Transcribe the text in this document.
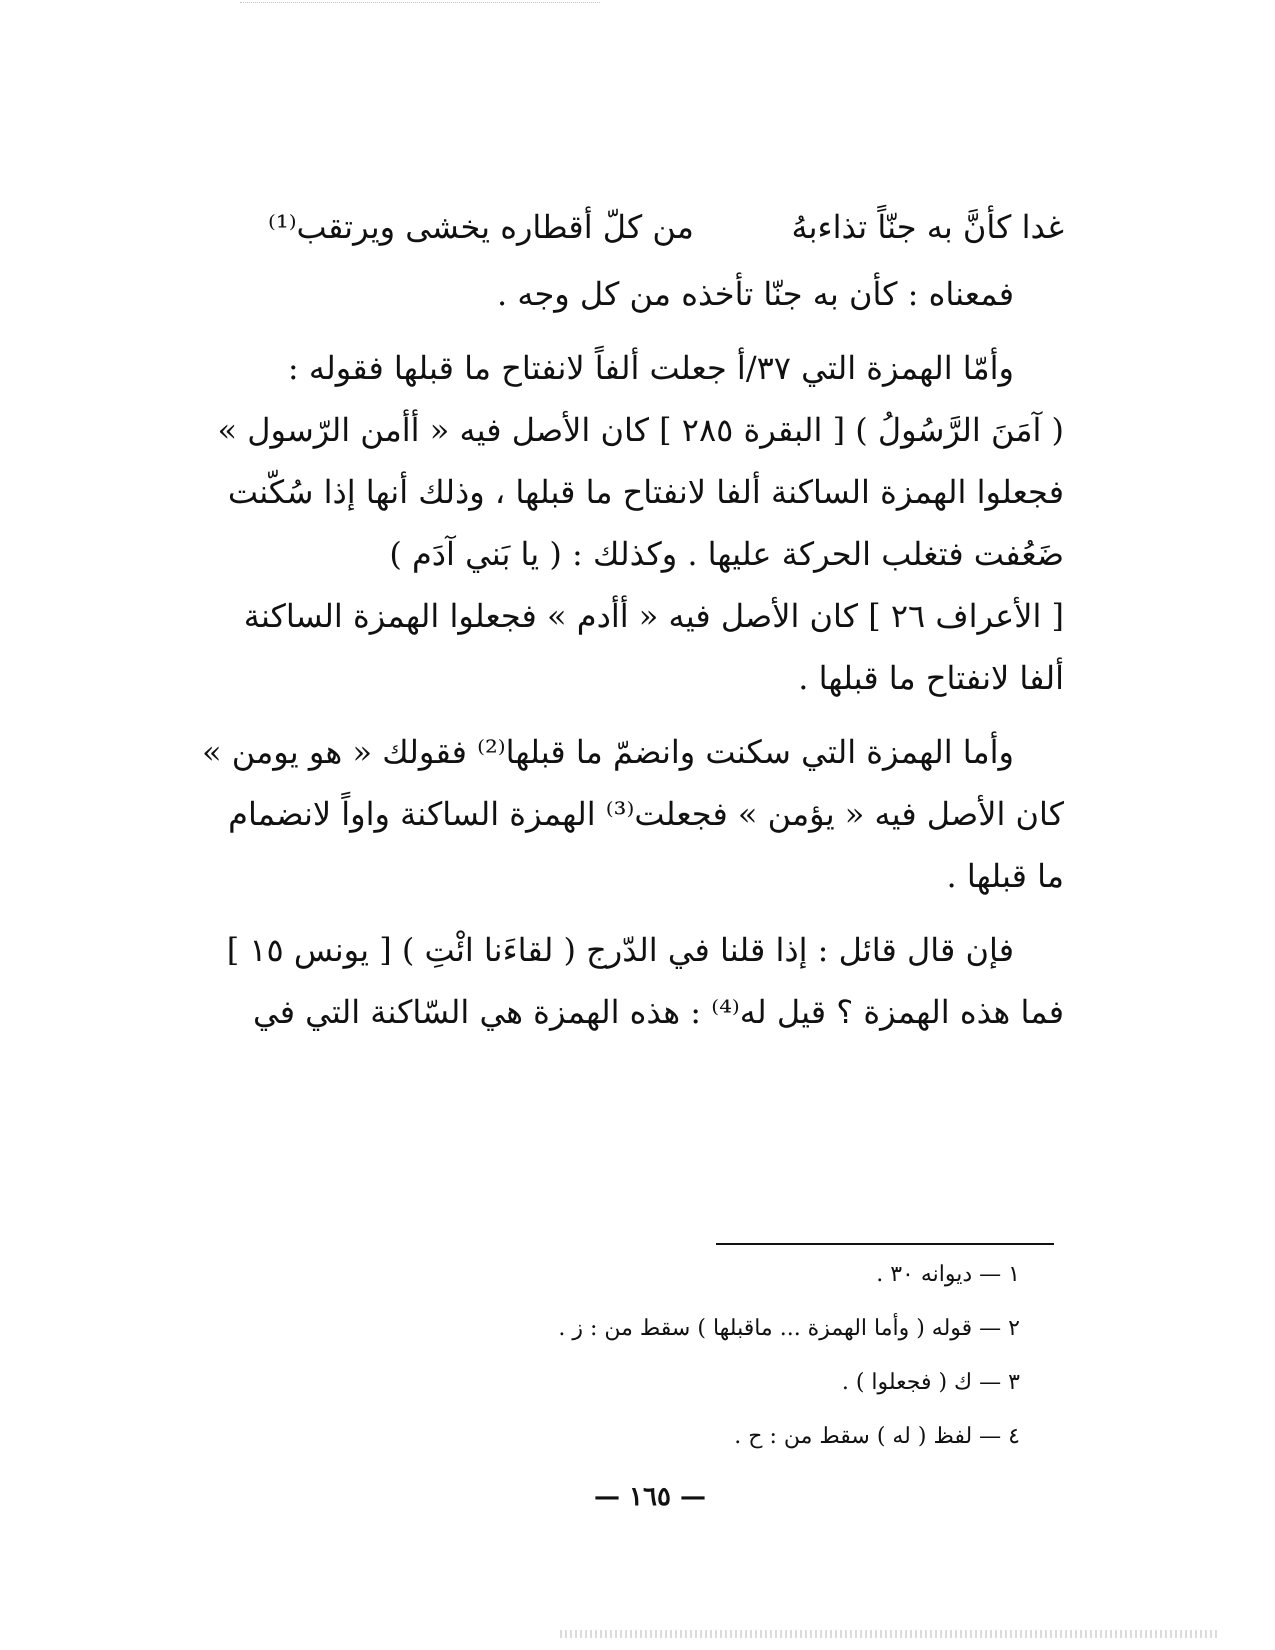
غدا كأنَّ به جنّاً تذاءبهُ
من كلّ أقطاره يخشى ويرتقب⁽¹⁾

فمعناه : كأن به جنّا تأخذه من كل وجه .

وأمّا الهمزة التي ٣٧/أ جعلت ألفاً لانفتاح ما قبلها فقوله :

( آمَنَ الرَّسُولُ ) [ البقرة ٢٨٥ ] كان الأصل فيه « أأمن الرّسول »

فجعلوا الهمزة الساكنة ألفا لانفتاح ما قبلها ، وذلك أنها إذا سُكّنت

ضَعُفت فتغلب الحركة عليها . وكذلك : ( يا بَني آدَم )

[ الأعراف ٢٦ ] كان الأصل فيه « أأدم » فجعلوا الهمزة الساكنة

ألفا لانفتاح ما قبلها .

وأما الهمزة التي سكنت وانضمّ ما قبلها⁽²⁾ فقولك « هو يومن »

كان الأصل فيه « يؤمن » فجعلت⁽³⁾ الهمزة الساكنة واواً لانضمام

ما قبلها .

فإن قال قائل : إذا قلنا في الدّرج ( لقاءَنا ائْتِ ) [ يونس ١٥ ]

فما هذه الهمزة ؟ قيل له⁽⁴⁾ : هذه الهمزة هي السّاكنة التي في

١ — ديوانه ٣٠ .
٢ — قوله ( وأما الهمزة ... ماقبلها ) سقط من : ز .
٣ — ك ( فجعلوا ) .
٤ — لفظ ( له ) سقط من : ح .
— ١٦٥ —
